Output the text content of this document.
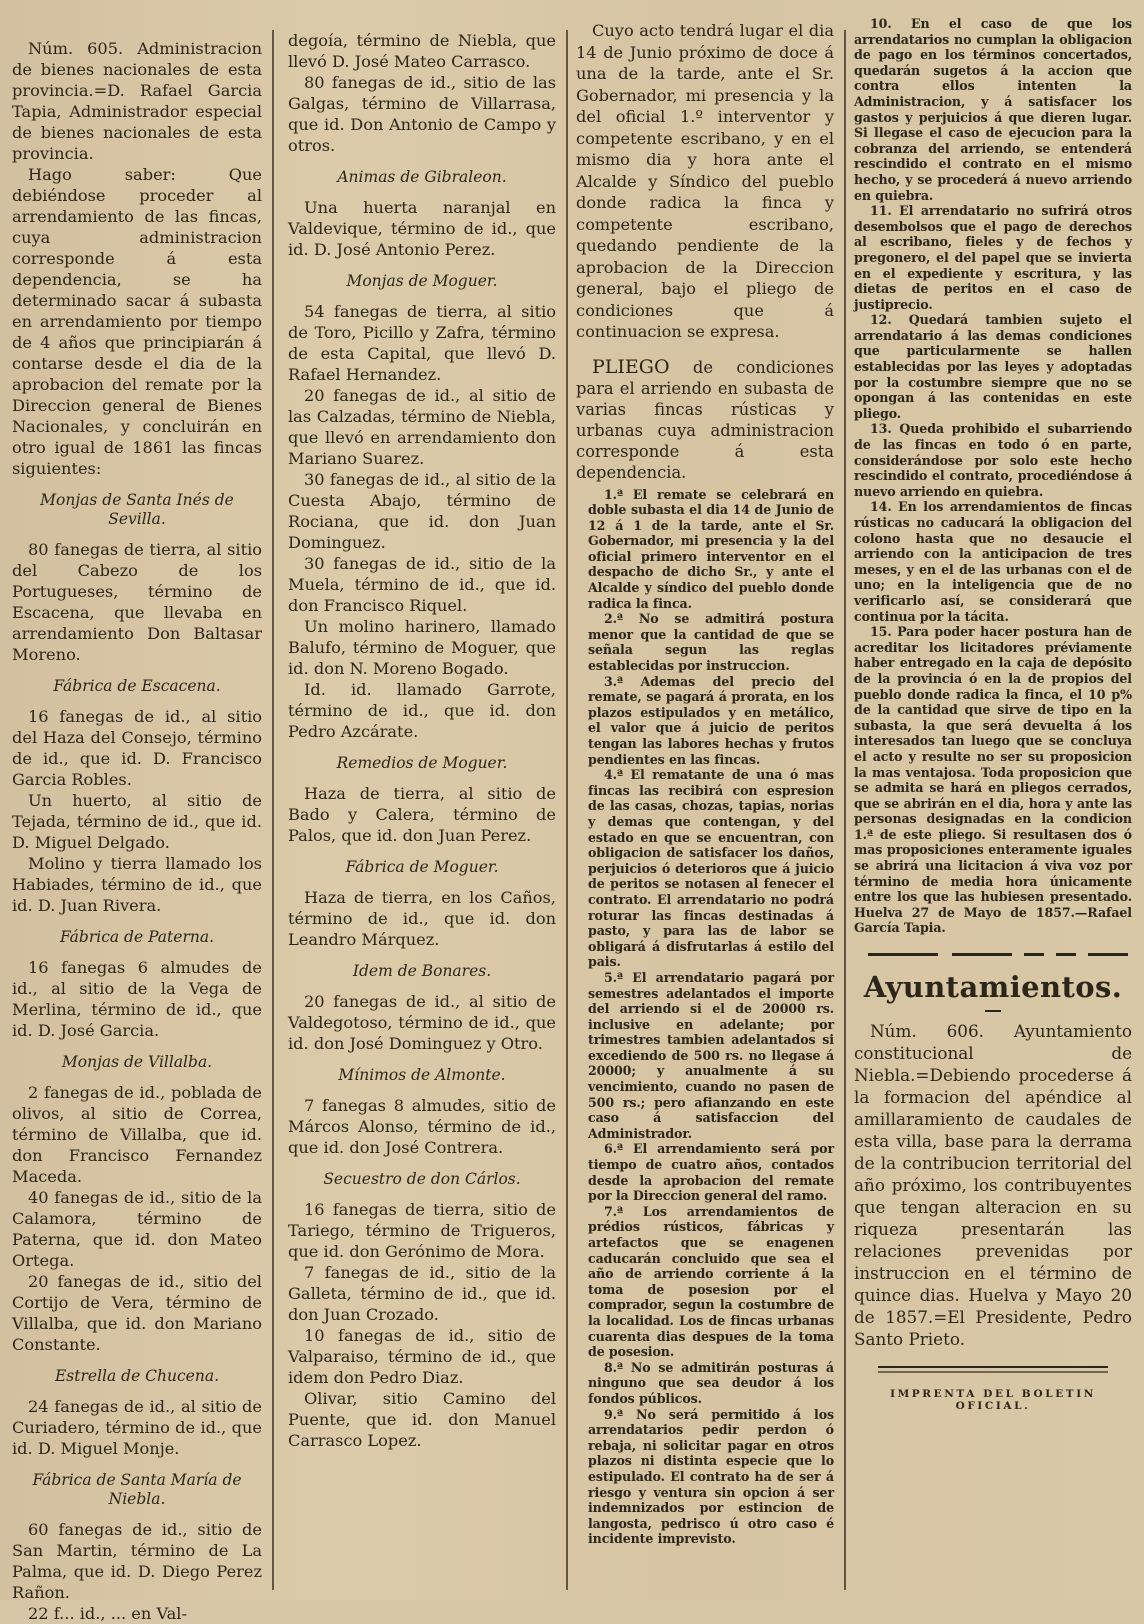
Núm. 605. Administracion de bienes nacionales de esta provincia.=D. Rafael Garcia Tapia, Administrador especial de bienes nacionales de esta provincia.

Hago saber: Que debiéndose proceder al arrendamiento de las fincas, cuya administracion corresponde á esta dependencia, se ha determinado sacar á subasta en arrendamiento por tiempo de 4 años que principiarán á contarse desde el dia de la aprobacion del remate por la Direccion general de Bienes Nacionales, y concluirán en otro igual de 1861 las fincas siguientes:

Monjas de Santa Inés de Sevilla.

80 fanegas de tierra, al sitio del Cabezo de los Portugueses, término de Escacena, que llevaba en arrendamiento Don Baltasar Moreno.

Fábrica de Escacena.

16 fanegas de id., al sitio del Haza del Consejo, término de id., que id. D. Francisco Garcia Robles.

Un huerto, al sitio de Tejada, término de id., que id. D. Miguel Delgado.

Molino y tierra llamado los Habiades, término de id., que id. D. Juan Rivera.

Fábrica de Paterna.

16 fanegas 6 almudes de id., al sitio de la Vega de Merlina, término de id., que id. D. José Garcia.

Monjas de Villalba.

2 fanegas de id., poblada de olivos, al sitio de Correa, término de Villalba, que id. don Francisco Fernandez Maceda.

40 fanegas de id., sitio de la Calamora, término de Paterna, que id. don Mateo Ortega.

20 fanegas de id., sitio del Cortijo de Vera, término de Villalba, que id. don Mariano Constante.

Estrella de Chucena.

24 fanegas de id., al sitio de Curiadero, término de id., que id. D. Miguel Monje.

Fábrica de Santa María de Niebla.

60 fanegas de id., sitio de San Martin, término de La Palma, que id. D. Diego Perez Rañon.

22 f... id., ... en Val-

degoía, término de Niebla, que llevó D. José Mateo Carrasco.

80 fanegas de id., sitio de las Galgas, término de Villarrasa, que id. Don Antonio de Campo y otros.

Animas de Gibraleon.

Una huerta naranjal en Valdevique, término de id., que id. D. José Antonio Perez.

Monjas de Moguer.

54 fanegas de tierra, al sitio de Toro, Picillo y Zafra, término de esta Capital, que llevó D. Rafael Hernandez.

20 fanegas de id., al sitio de las Calzadas, término de Niebla, que llevó en arrendamiento don Mariano Suarez.

30 fanegas de id., al sitio de la Cuesta Abajo, término de Rociana, que id. don Juan Dominguez.

30 fanegas de id., sitio de la Muela, término de id., que id. don Francisco Riquel.

Un molino harinero, llamado Balufo, término de Moguer, que id. don N. Moreno Bogado.

Id. id. llamado Garrote, término de id., que id. don Pedro Azcárate.

Remedios de Moguer.

Haza de tierra, al sitio de Bado y Calera, término de Palos, que id. don Juan Perez.

Fábrica de Moguer.

Haza de tierra, en los Caños, término de id., que id. don Leandro Márquez.

Idem de Bonares.

20 fanegas de id., al sitio de Valdegotoso, término de id., que id. don José Dominguez y Otro.

Mínimos de Almonte.

7 fanegas 8 almudes, sitio de Márcos Alonso, término de id., que id. don José Contrera.

Secuestro de don Cárlos.

16 fanegas de tierra, sitio de Tariego, término de Trigueros, que id. don Gerónimo de Mora.

7 fanegas de id., sitio de la Galleta, término de id., que id. don Juan Crozado.

10 fanegas de id., sitio de Valparaiso, término de id., que idem don Pedro Diaz.

Olivar, sitio Camino del Puente, que id. don Manuel Carrasco Lopez.

Cuyo acto tendrá lugar el dia 14 de Junio próximo de doce á una de la tarde, ante el Sr. Gobernador, mi presencia y la del oficial 1.º interventor y competente escribano, y en el mismo dia y hora ante el Alcalde y Síndico del pueblo donde radica la finca y competente escribano, quedando pendiente de la aprobacion de la Direccion general, bajo el pliego de condiciones que á continuacion se expresa.

PLIEGO de condiciones para el arriendo en subasta de varias fincas rústicas y urbanas cuya administracion corresponde á esta dependencia.

1.ª El remate se celebrará en doble subasta el dia 14 de Junio de 12 á 1 de la tarde, ante el Sr. Gobernador, mi presencia y la del oficial primero interventor en el despacho de dicho Sr., y ante el Alcalde y síndico del pueblo donde radica la finca.

2.ª No se admitirá postura menor que la cantidad de que se señala segun las reglas establecidas por instruccion.

3.ª Ademas del precio del remate, se pagará á prorata, en los plazos estipulados y en metálico, el valor que á juicio de peritos tengan las labores hechas y frutos pendientes en las fincas.

4.ª El rematante de una ó mas fincas las recibirá con espresion de las casas, chozas, tapias, norias y demas que contengan, y del estado en que se encuentran, con obligacion de satisfacer los daños, perjuicios ó deterioros que á juicio de peritos se notasen al fenecer el contrato. El arrendatario no podrá roturar las fincas destinadas á pasto, y para las de labor se obligará á disfrutarlas á estilo del pais.

5.ª El arrendatario pagará por semestres adelantados el importe del arriendo si el de 20000 rs. inclusive en adelante; por trimestres tambien adelantados si excediendo de 500 rs. no llegase á 20000; y anualmente á su vencimiento, cuando no pasen de 500 rs.; pero afianzando en este caso á satisfaccion del Administrador.

6.ª El arrendamiento será por tiempo de cuatro años, contados desde la aprobacion del remate por la Direccion general del ramo.

7.ª Los arrendamientos de prédios rústicos, fábricas y artefactos que se enagenen caducarán concluido que sea el año de arriendo corriente á la toma de posesion por el comprador, segun la costumbre de la localidad. Los de fincas urbanas cuarenta dias despues de la toma de posesion.

8.ª No se admitirán posturas á ninguno que sea deudor á los fondos públicos.

9.ª No será permitido á los arrendatarios pedir perdon ó rebaja, ni solicitar pagar en otros plazos ni distinta especie que lo estipulado. El contrato ha de ser á riesgo y ventura sin opcion á ser indemnizados por estincion de langosta, pedrisco ú otro caso é incidente imprevisto.

10. En el caso de que los arrendatarios no cumplan la obligacion de pago en los términos concertados, quedarán sugetos á la accion que contra ellos intenten la Administracion, y á satisfacer los gastos y perjuicios á que dieren lugar. Si llegase el caso de ejecucion para la cobranza del arriendo, se entenderá rescindido el contrato en el mismo hecho, y se procederá á nuevo arriendo en quiebra.

11. El arrendatario no sufrirá otros desembolsos que el pago de derechos al escribano, fieles y de fechos y pregonero, el del papel que se invierta en el expediente y escritura, y las dietas de peritos en el caso de justiprecio.

12. Quedará tambien sujeto el arrendatario á las demas condiciones que particularmente se hallen establecidas por las leyes y adoptadas por la costumbre siempre que no se opongan á las contenidas en este pliego.

13. Queda prohibido el subarriendo de las fincas en todo ó en parte, considerándose por solo este hecho rescindido el contrato, procediéndose á nuevo arriendo en quiebra.

14. En los arrendamientos de fincas rústicas no caducará la obligacion del colono hasta que no desaucie el arriendo con la anticipacion de tres meses, y en el de las urbanas con el de uno; en la inteligencia que de no verificarlo así, se considerará que continua por la tácita.

15. Para poder hacer postura han de acreditar los licitadores préviamente haber entregado en la caja de depósito de la provincia ó en la de propios del pueblo donde radica la finca, el 10 p% de la cantidad que sirve de tipo en la subasta, la que será devuelta á los interesados tan luego que se concluya el acto y resulte no ser su proposicion la mas ventajosa. Toda proposicion que se admita se hará en pliegos cerrados, que se abrirán en el dia, hora y ante las personas designadas en la condicion 1.ª de este pliego. Si resultasen dos ó mas proposiciones enteramente iguales se abrirá una licitacion á viva voz por término de media hora únicamente entre los que las hubiesen presentado. Huelva 27 de Mayo de 1857.—Rafael García Tapia.

Ayuntamientos.

Núm. 606. Ayuntamiento constitucional de Niebla.=Debiendo procederse á la formacion del apéndice al amillaramiento de caudales de esta villa, base para la derrama de la contribucion territorial del año próximo, los contribuyentes que tengan alteracion en su riqueza presentarán las relaciones prevenidas por instruccion en el término de quince dias. Huelva y Mayo 20 de 1857.=El Presidente, Pedro Santo Prieto.

IMPRENTA DEL BOLETIN OFICIAL.
